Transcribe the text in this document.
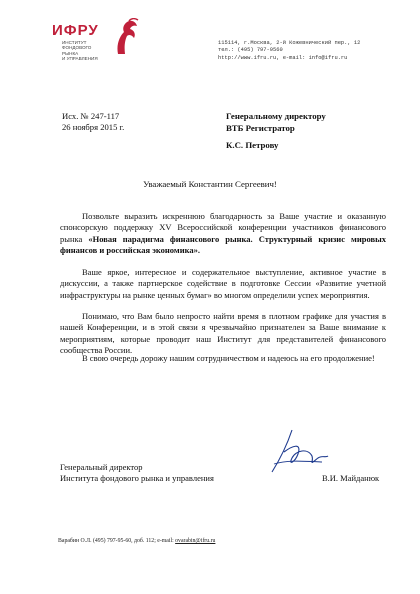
ИФРУ
ИНСТИТУТ
ФОНДОВОГО
РЫНКА
И УПРАВЛЕНИЯ
115114, г.Москва, 2-й Кожевнический пер., 12
тел.: (495) 797-9560
http://www.ifru.ru, e-mail: info@ifru.ru
Исх. № 247-117
26 ноября 2015 г.
Генеральному директору
ВТБ Регистратор
К.С. Петрову
Уважаемый Константин Сергеевич!

Позвольте выразить искреннюю благодарность за Ваше участие и оказанную спонсорскую поддержку XV Всероссийской конференции участников финансового рынка «Новая парадигма финансового рынка. Структурный кризис мировых финансов и российская экономика».

Ваше яркое, интересное и содержательное выступление, активное участие в дискуссии, а также партнерское содействие в подготовке Сессии «Развитие учетной инфраструктуры на рынке ценных бумаг» во многом определили успех мероприятия.

Понимаю, что Вам было непросто найти время в плотном графике для участия в нашей Конференции, и в этой связи я чрезвычайно признателен за Ваше внимание к мероприятиям, которые проводит наш Институт для представителей финансового сообщества России.

В свою очередь дорожу нашим сотрудничеством и надеюсь на его продолжение!

Генеральный директор
Института фондового рынка и управления	В.И. Майданюк
Варабин О.Л. (495) 797-95-60, доб. 112; e-mail: ovarabin@ifru.ru
